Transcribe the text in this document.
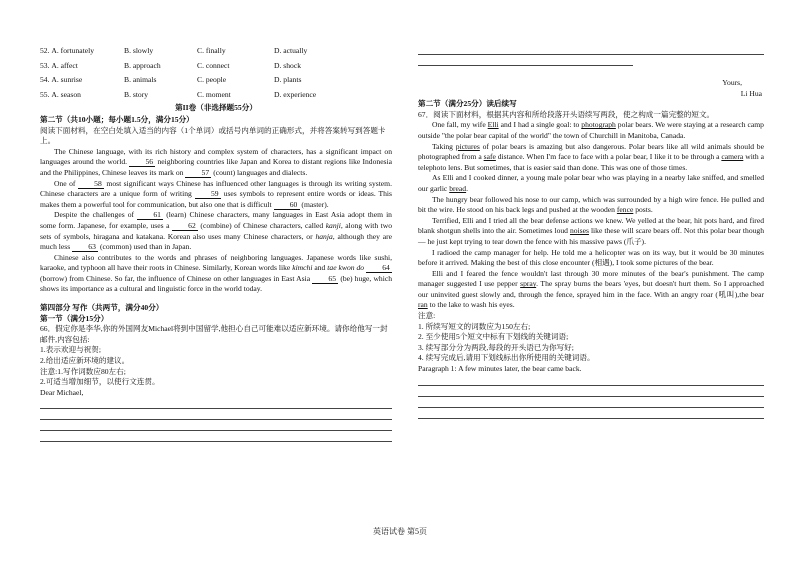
52. A. fortunately	B. slowly	C. finally	D. actually
53. A. affect	B. approach	C. connect	D. shock
54. A. sunrise	B. animals	C. people	D. plants
55. A. season	B. story	C. moment	D. experience
第II卷（非选择题55分）

第二节（共10小题；每小题1.5分，满分15分）

阅读下面材料，在空白处填入适当的内容（1个单词）或括号内单词的正确形式，并将答案转写到答题卡上。

The Chinese language, with its rich history and complex system of characters, has a significant impact on languages around the world. 56 neighboring countries like Japan and Korea to distant regions like Indonesia and the Philippines, Chinese leaves its mark on 57 (count) languages and dialects.

One of 58 most significant ways Chinese has influenced other languages is through its writing system. Chinese characters are a unique form of writing 59 uses symbols to represent entire words or ideas. This makes them a powerful tool for communication, but also one that is difficult 60 (master).

Despite the challenges of 61 (learn) Chinese characters, many languages in East Asia adopt them in some form. Japanese, for example, uses a 62 (combine) of Chinese characters, called kanji, along with two sets of symbols, hiragana and katakana. Korean also uses many Chinese characters, or hanja, although they are much less 63 (common) used than in Japan.

Chinese also contributes to the words and phrases of neighboring languages. Japanese words like sushi, karaoke, and typhoon all have their roots in Chinese. Similarly, Korean words like kimchi and tae kwon do 64 (borrow) from Chinese. So far, the influence of Chinese on other languages in East Asia 65 (be) huge, which shows its importance as a cultural and linguistic force in the world today.

第四部分 写作（共两节，满分40分）

第一节（满分15分）

66．假定你是李华,你的外国网友Michael将到中国留学,他担心自己可能难以适应新环境。请你给他写一封邮件,内容包括:

1.表示欢迎与祝贺;

2.给出适应新环境的建议。

注意:1.写作词数应80左右;

2.可适当增加细节，以使行文连贯。

Dear Michael,

Yours,

Li Hua

第二节（满分25分）读后续写

67．阅读下面材料，根据其内容和所给段落开头语续写两段，使之构成一篇完整的短文。

One fall, my wife Elli and I had a single goal: to photograph polar bears. We were staying at a research camp outside "the polar bear capital of the world" the town of Churchill in Manitoba, Canada.

Taking pictures of polar bears is amazing but also dangerous. Polar bears like all wild animals should be photographed from a safe distance. When I'm face to face with a polar bear, I like it to be through a camera with a telephoto lens. But sometimes, that is easier said than done. This was one of those times.

As Elli and I cooked dinner, a young male polar bear who was playing in a nearby lake sniffed, and smelled our garlic bread.

The hungry bear followed his nose to our camp, which was surrounded by a high wire fence. He pulled and bit the wire. He stood on his back legs and pushed at the wooden fence posts.

Terrified, Elli and I tried all the bear defense actions we knew. We yelled at the bear, hit pots hard, and fired blank shotgun shells into the air. Sometimes loud noises like these will scare bears off. Not this polar bear though — he just kept trying to tear down the fence with his massive paws (爪子).

I radioed the camp manager for help. He told me a helicopter was on its way, but it would be 30 minutes before it arrived. Making the best of this close encounter (相遇), I took some pictures of the bear.

Elli and I feared the fence wouldn't last through 30 more minutes of the bear's punishment. The camp manager suggested I use pepper spray. The spray burns the bears 'eyes, but doesn't hurt them. So I approached our uninvited guest slowly and, through the fence, sprayed him in the face. With an angry roar (吼叫),the bear ran to the lake to wash his eyes.

注意:

1. 所续写短文的词数应为150左右;

2. 至少使用5个短文中标有下划线的关键词语;

3. 续写部分分为两段,每段的开头语已为你写好;

4. 续写完成后,请用下划线标出你所使用的关键词语。

Paragraph 1: A few minutes later, the bear came back.

英语试卷 第5页
